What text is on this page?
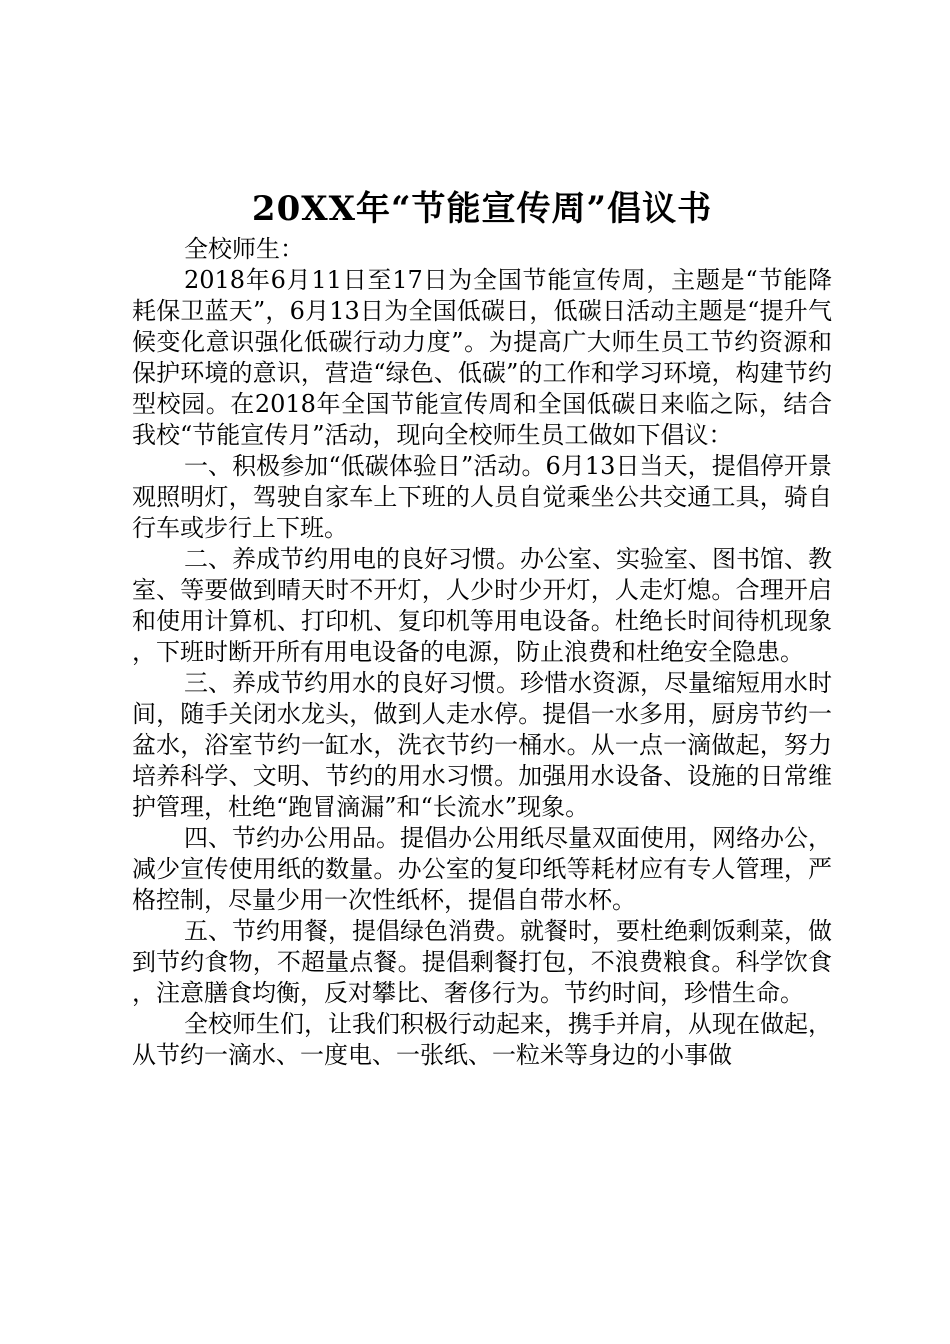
20XX年“节能宣传周”倡议书

全校师生：

2018年6月11日至17日为全国节能宣传周，主题是“节能降耗保卫蓝天”，6月13日为全国低碳日，低碳日活动主题是“提升气候变化意识强化低碳行动力度”。为提高广大师生员工节约资源和保护环境的意识，营造“绿色、低碳”的工作和学习环境，构建节约型校园。在2018年全国节能宣传周和全国低碳日来临之际，结合我校“节能宣传月”活动，现向全校师生员工做如下倡议：

一、积极参加“低碳体验日”活动。6月13日当天，提倡停开景观照明灯，驾驶自家车上下班的人员自觉乘坐公共交通工具，骑自行车或步行上下班。

二、养成节约用电的良好习惯。办公室、实验室、图书馆、教室、等要做到晴天时不开灯，人少时少开灯，人走灯熄。合理开启和使用计算机、打印机、复印机等用电设备。杜绝长时间待机现象，下班时断开所有用电设备的电源，防止浪费和杜绝安全隐患。

三、养成节约用水的良好习惯。珍惜水资源，尽量缩短用水时间，随手关闭水龙头，做到人走水停。提倡一水多用，厨房节约一盆水，浴室节约一缸水，洗衣节约一桶水。从一点一滴做起，努力培养科学、文明、节约的用水习惯。加强用水设备、设施的日常维护管理，杜绝“跑冒滴漏”和“长流水”现象。

四、节约办公用品。提倡办公用纸尽量双面使用，网络办公，减少宣传使用纸的数量。办公室的复印纸等耗材应有专人管理，严格控制，尽量少用一次性纸杯，提倡自带水杯。

五、节约用餐，提倡绿色消费。就餐时，要杜绝剩饭剩菜，做到节约食物，不超量点餐。提倡剩餐打包，不浪费粮食。科学饮食，注意膳食均衡，反对攀比、奢侈行为。节约时间，珍惜生命。

全校师生们，让我们积极行动起来，携手并肩，从现在做起，从节约一滴水、一度电、一张纸、一粒米等身边的小事做
